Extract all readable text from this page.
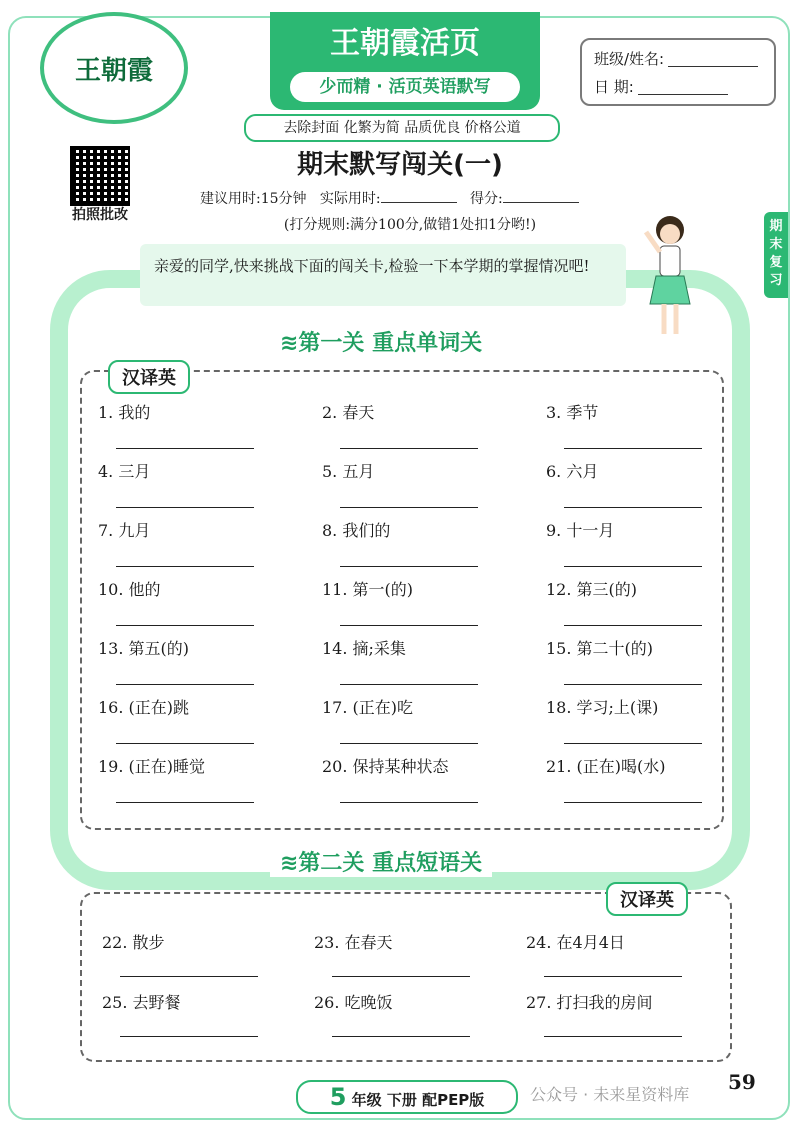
王朝霞
王朝霞活页
少而精 · 活页英语默写
去除封面 化繁为简 品质优良 价格公道
班级/姓名:
日 期:
拍照批改
期末默写闯关(一)
建议用时:15分钟 实际用时:	得分:
(打分规则:满分100分,做错1处扣1分哟!)	期末复习
亲爱的同学,快来挑战下面的闯关卡,检验一下本学期的掌握情况吧!
≋第一关 重点单词关
汉译英
1. 我的	2. 春天	3. 季节
4. 三月	5. 五月	6. 六月
7. 九月	8. 我们的	9. 十一月
10. 他的	11. 第一(的)	12. 第三(的)
13. 第五(的)	14. 摘;采集	15. 第二十(的)
16. (正在)跳	17. (正在)吃	18. 学习;上(课)
19. (正在)睡觉	20. 保持某种状态	21. (正在)喝(水)
≋第二关 重点短语关
汉译英
22. 散步	23. 在春天	24. 在4月4日
25. 去野餐	26. 吃晚饭	27. 打扫我的房间
5 年级 下册 配PEP版	公众号 · 未来星资料库
59
